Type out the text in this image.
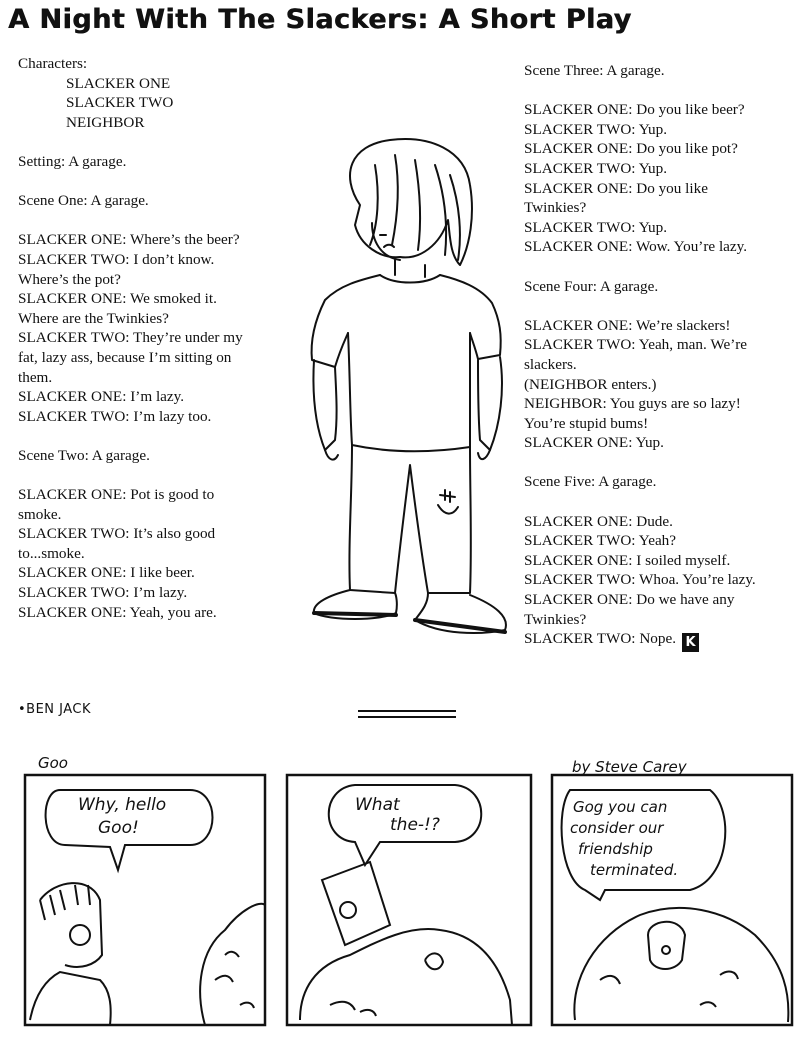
A Night With The Slackers: A Short Play
Characters:
SLACKER ONE
SLACKER TWO
NEIGHBOR
Setting: A garage.
Scene One: A garage.
SLACKER ONE: Where’s the beer?
SLACKER TWO: I don’t know.
Where’s the pot?
SLACKER ONE: We smoked it.
Where are the Twinkies?
SLACKER TWO: They’re under my
fat, lazy ass, because I’m sitting on
them.
SLACKER ONE: I’m lazy.
SLACKER TWO: I’m lazy too.
Scene Two: A garage.
SLACKER ONE: Pot is good to
smoke.
SLACKER TWO: It’s also good
to...smoke.
SLACKER ONE: I like beer.
SLACKER TWO: I’m lazy.
SLACKER ONE: Yeah, you are.
Scene Three: A garage.
SLACKER ONE: Do you like beer?
SLACKER TWO: Yup.
SLACKER ONE: Do you like pot?
SLACKER TWO: Yup.
SLACKER ONE: Do you like
Twinkies?
SLACKER TWO: Yup.
SLACKER ONE: Wow. You’re lazy.
Scene Four: A garage.
SLACKER ONE: We’re slackers!
SLACKER TWO: Yeah, man. We’re
slackers.
(NEIGHBOR enters.)
NEIGHBOR: You guys are so lazy!
You’re stupid bums!
SLACKER ONE: Yup.
Scene Five: A garage.
SLACKER ONE: Dude.
SLACKER TWO: Yeah?
SLACKER ONE: I soiled myself.
SLACKER TWO: Whoa. You’re lazy.
SLACKER ONE: Do we have any
Twinkies?
SLACKER TWO: Nope. K
•BEN JACK
Goo	by Steve Carey
Why, hello
Goo!
What
the-!?
Gog you can
consider our
friendship
terminated.
